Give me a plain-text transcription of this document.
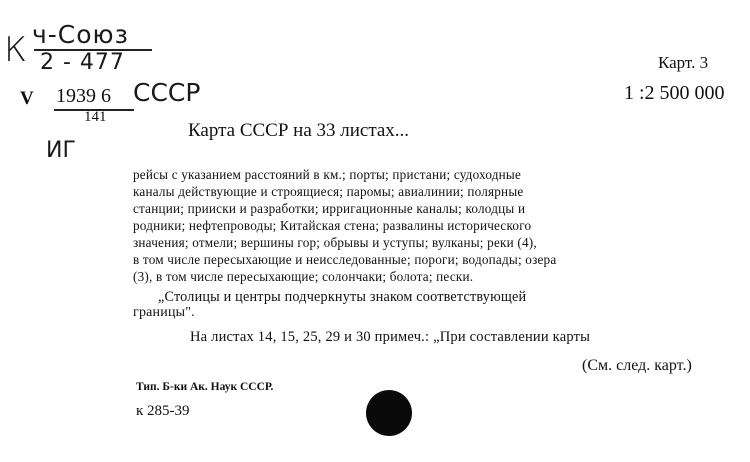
К ч-Союз
2 - 477
V 1939 6 СССР
141
ИГ
Карт. 3
1 :2 500 000
Карта СССР на 33 листах...
рейсы с указанием расстояний в км.; порты; пристани; судоходные
каналы действующие и строящиеся; паромы; авиалинии; полярные
станции; прииски и разработки; ирригационные каналы; колодцы и
родники; нефтепроводы; Китайская стена; развалины исторического
значения; отмели; вершины гор; обрывы и уступы; вулканы; реки (4),
в том числе пересыхающие и неисследованные; пороги; водопады; озера
(3), в том числе пересыхающие; солончаки; болота; пески.
„Столицы и центры подчеркнуты знаком соответствующей
границы".
На листах 14, 15, 25, 29 и 30 примеч.: „При составлении карты
(См. след. карт.)
Тип. Б-ки Ак. Наук СССР.
к 285-39
